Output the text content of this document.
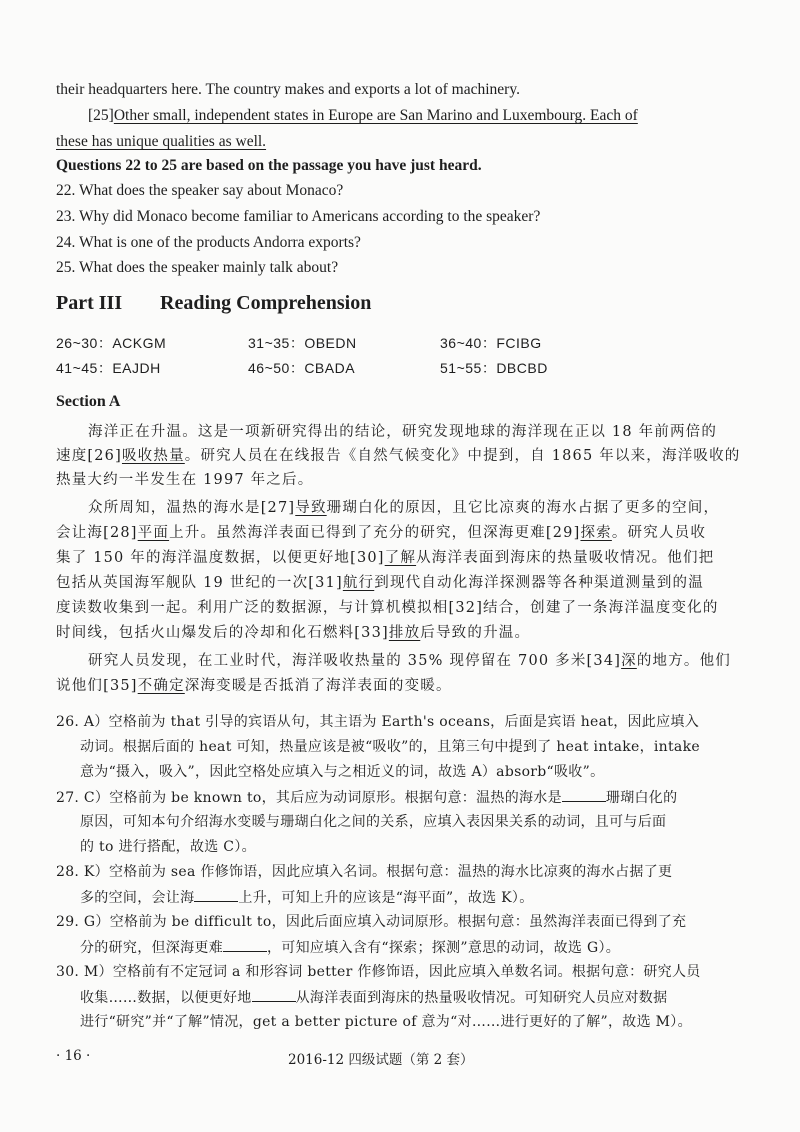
their headquarters here. The country makes and exports a lot of machinery.
[25]Other small, independent states in Europe are San Marino and Luxembourg. Each of
these has unique qualities as well.
Questions 22 to 25 are based on the passage you have just heard.
22. What does the speaker say about Monaco?
23. Why did Monaco become familiar to Americans according to the speaker?
24. What is one of the products Andorra exports?
25. What does the speaker mainly talk about?
Part III Reading Comprehension
26~30：ACKGM	31~35：OBEDN	36~40：FCIBG
41~45：EAJDH	46~50：CBADA	51~55：DBCBD
Section A
海洋正在升温。这是一项新研究得出的结论，研究发现地球的海洋现在正以 18 年前两倍的
速度[26]吸收热量。研究人员在在线报告《自然气候变化》中提到，自 1865 年以来，海洋吸收的
热量大约一半发生在 1997 年之后。
众所周知，温热的海水是[27]导致珊瑚白化的原因，且它比凉爽的海水占据了更多的空间，
会让海[28]平面上升。虽然海洋表面已得到了充分的研究，但深海更难[29]探索。研究人员收
集了 150 年的海洋温度数据，以便更好地[30]了解从海洋表面到海床的热量吸收情况。他们把
包括从英国海军舰队 19 世纪的一次[31]航行到现代自动化海洋探测器等各种渠道测量到的温
度读数收集到一起。利用广泛的数据源，与计算机模拟相[32]结合，创建了一条海洋温度变化的
时间线，包括火山爆发后的冷却和化石燃料[33]排放后导致的升温。
研究人员发现，在工业时代，海洋吸收热量的 35% 现停留在 700 多米[34]深的地方。他们
说他们[35]不确定深海变暖是否抵消了海洋表面的变暖。
26. A）空格前为 that 引导的宾语从句，其主语为 Earth's oceans，后面是宾语 heat，因此应填入
动词。根据后面的 heat 可知，热量应该是被“吸收”的，且第三句中提到了 heat intake，intake
意为“摄入，吸入”，因此空格处应填入与之相近义的词，故选 A）absorb“吸收”。
27. C）空格前为 be known to，其后应为动词原形。根据句意：温热的海水是	珊瑚白化的
原因，可知本句介绍海水变暖与珊瑚白化之间的关系，应填入表因果关系的动词，且可与后面
的 to 进行搭配，故选 C）。
28. K）空格前为 sea 作修饰语，因此应填入名词。根据句意：温热的海水比凉爽的海水占据了更
多的空间，会让海	上升，可知上升的应该是“海平面”，故选 K）。
29. G）空格前为 be difficult to，因此后面应填入动词原形。根据句意：虽然海洋表面已得到了充
分的研究，但深海更难	，可知应填入含有“探索；探测”意思的动词，故选 G）。
30. M）空格前有不定冠词 a 和形容词 better 作修饰语，因此应填入单数名词。根据句意：研究人员
收集……数据，以便更好地	从海洋表面到海床的热量吸收情况。可知研究人员应对数据
进行“研究”并“了解”情况，get a better picture of 意为“对……进行更好的了解”，故选 M）。
· 16 ·	2016-12 四级试题（第 2 套）
